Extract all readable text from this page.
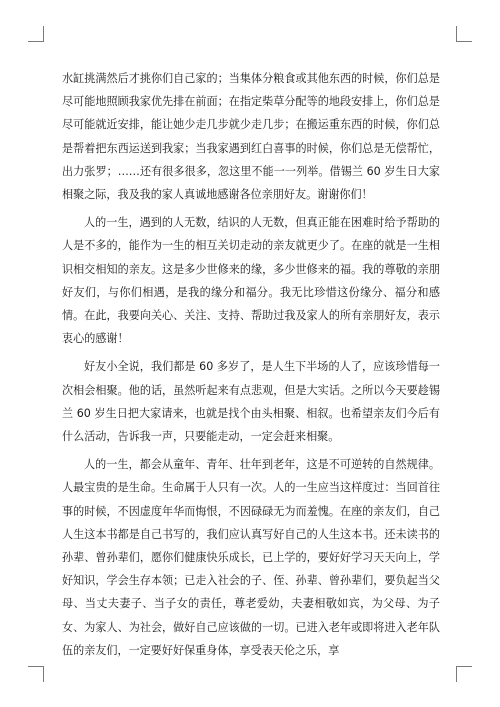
水缸挑满然后才挑你们自己家的；当集体分粮食或其他东西的时候，你们总是尽可能地照顾我家优先排在前面；在指定柴草分配等的地段安排上，你们总是尽可能就近安排，能让她少走几步就少走几步；在搬运重东西的时候，你们总是帮着把东西运送到我家；当我家遇到红白喜事的时候，你们总是无偿帮忙，出力张罗；……还有很多很多，忽这里不能一一列举。借锡兰 60 岁生日大家相聚之际，我及我的家人真诚地感谢各位亲朋好友。谢谢你们！

人的一生，遇到的人无数，结识的人无数，但真正能在困难时给予帮助的人是不多的，能作为一生的相互关切走动的亲友就更少了。在座的就是一生相识相交相知的亲友。这是多少世修来的缘，多少世修来的福。我的尊敬的亲朋好友们，与你们相遇，是我的缘分和福分。我无比珍惜这份缘分、福分和感情。在此，我要向关心、关注、支持、帮助过我及家人的所有亲朋好友，表示衷心的感谢！

好友小全说，我们都是 60 多岁了，是人生下半场的人了，应该珍惜每一次相会相聚。他的话，虽然听起来有点悲观，但是大实话。之所以今天要趁锡兰 60 岁生日把大家请来，也就是找个由头相聚、相叙。也希望亲友们今后有什么活动，告诉我一声，只要能走动，一定会赶来相聚。

人的一生，都会从童年、青年、壮年到老年，这是不可逆转的自然规律。人最宝贵的是生命。生命属于人只有一次。人的一生应当这样度过：当回首往事的时候，不因虚度年华而悔恨，不因碌碌无为而羞愧。在座的亲友们，自己人生这本书都是自己书写的，我们应认真写好自己的人生这本书。还未读书的孙辈、曾孙辈们，愿你们健康快乐成长，已上学的，要好好学习天天向上，学好知识，学会生存本领；已走入社会的子、侄、孙辈、曾孙辈们，要负起当父母、当丈夫妻子、当子女的责任，尊老爱幼，夫妻相敬如宾，为父母、为子女、为家人、为社会，做好自己应该做的一切。已进入老年或即将进入老年队伍的亲友们，一定要好好保重身体，享受表天伦之乐，享
